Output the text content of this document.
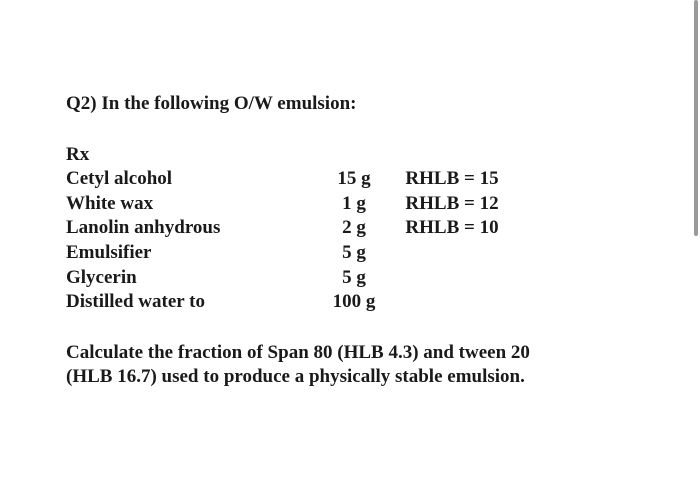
Q2) In the following O/W emulsion:

Rx
Cetyl alcohol	15 g	RHLB = 15
White wax	1 g	RHLB = 12
Lanolin anhydrous	2 g	RHLB = 10
Emulsifier	5 g
Glycerin	5 g
Distilled water to	100 g

Calculate the fraction of Span 80 (HLB 4.3) and tween 20
(HLB 16.7) used to produce a physically stable emulsion.
